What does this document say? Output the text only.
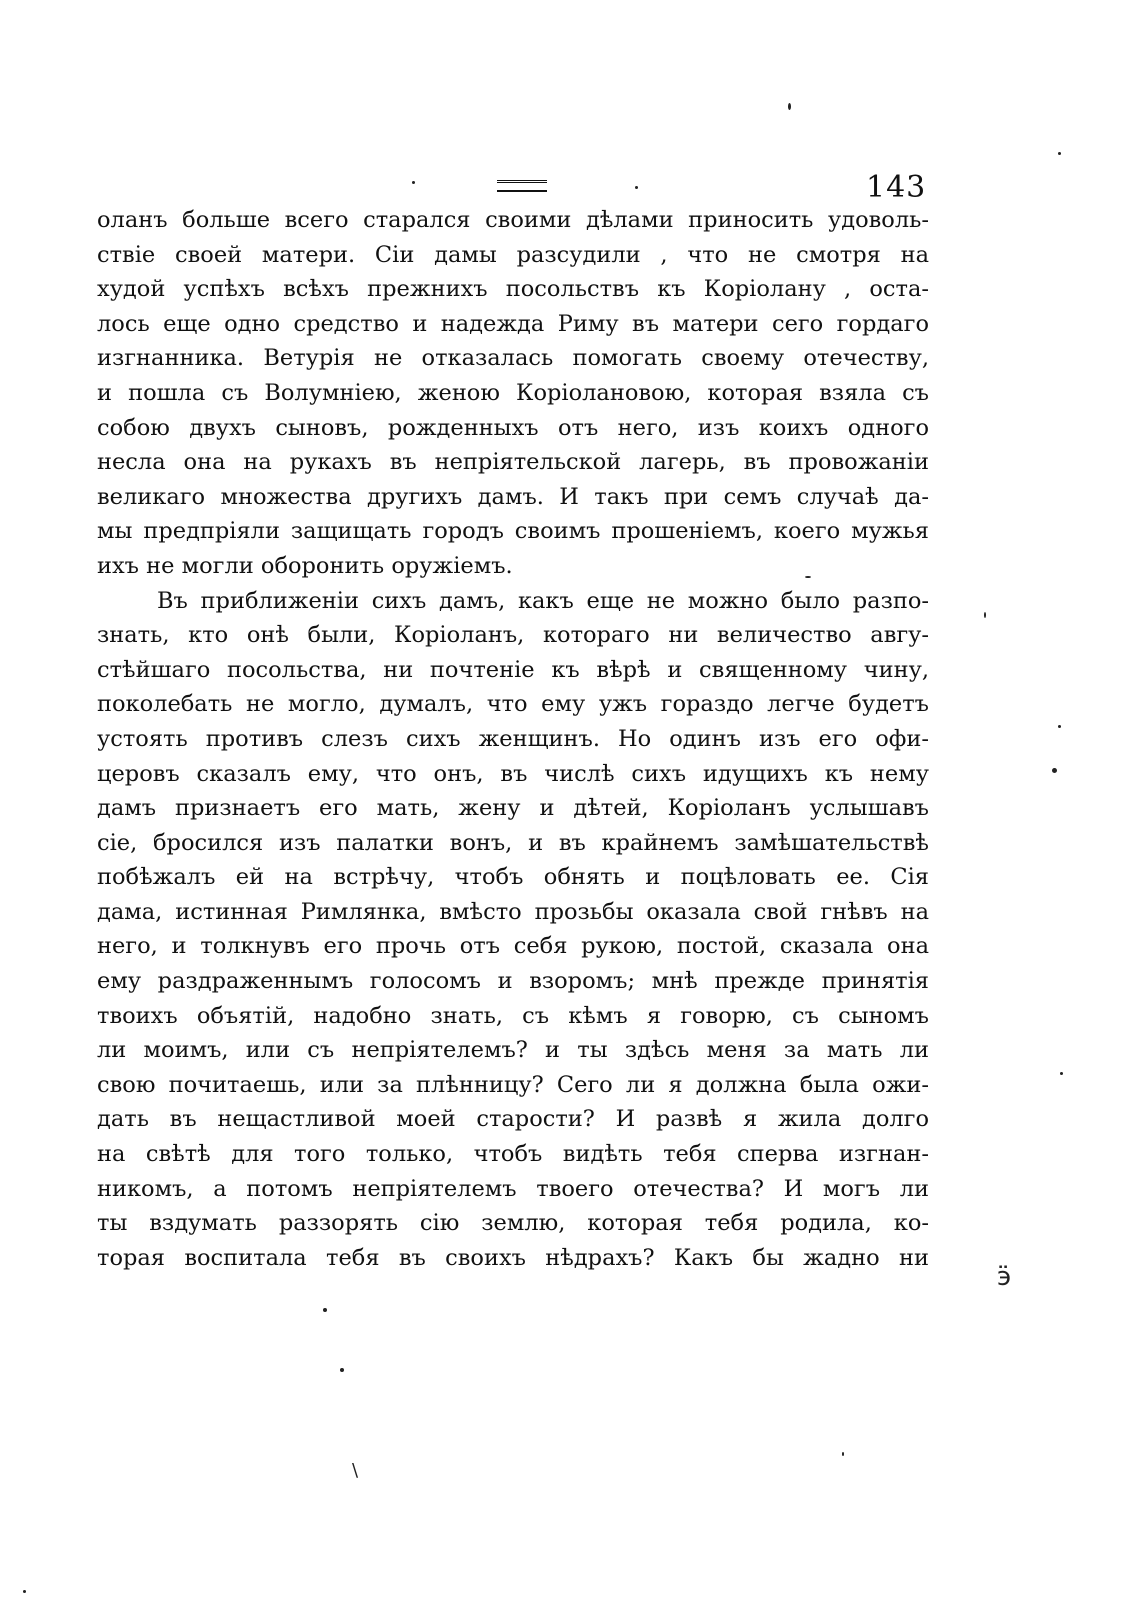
143
оланъ больше всего старался своими дѣлами приносить удоволь-
ствіе своей матери. Сіи дамы разсудили , что не смотря на
худой успѣхъ всѣхъ прежнихъ посольствъ къ Коріолану , оста-
лось еще одно средство и надежда Риму въ матери сего гордаго
изгнанника. Ветурія не отказалась помогать своему отечеству,
и пошла съ Волумніею, женою Коріолановою, которая взяла съ
собою двухъ сыновъ, рожденныхъ отъ него, изъ коихъ одного
несла она на рукахъ въ непріятельской лагерь, въ провожаніи
великаго множества другихъ дамъ. И такъ при семъ случаѣ да-
мы предпріяли защищать городъ своимъ прошеніемъ, коего мужья
ихъ не могли оборонить оружіемъ.
Въ приближеніи сихъ дамъ, какъ еще не можно было разпо-
знать, кто онѣ были, Коріоланъ, котораго ни величество авгу-
стѣйшаго посольства, ни почтеніе къ вѣрѣ и священному чину,
поколебать не могло, думалъ, что ему ужъ гораздо легче будетъ
устоять противъ слезъ сихъ женщинъ. Но одинъ изъ его офи-
церовъ сказалъ ему, что онъ, въ числѣ сихъ идущихъ къ нему
дамъ признаетъ его мать, жену и дѣтей, Коріоланъ услышавъ
сіе, бросился изъ палатки вонъ, и въ крайнемъ замѣшательствѣ
побѣжалъ ей на встрѣчу, чтобъ обнять и поцѣловать ее. Сія
дама, истинная Римлянка, вмѣсто прозьбы оказала свой гнѣвъ на
него, и толкнувъ его прочь отъ себя рукою, постой, сказала она
ему раздраженнымъ голосомъ и взоромъ; мнѣ прежде принятія
твоихъ объятій, надобно знать, съ кѣмъ я говорю, съ сыномъ
ли моимъ, или съ непріятелемъ? и ты здѣсь меня за мать ли
свою почитаешь, или за плѣнницу? Сего ли я должна была ожи-
дать въ нещастливой моей старости? И развѣ я жила долго
на свѣтѣ для того только, чтобъ видѣть тебя сперва изгнан-
никомъ, а потомъ непріятелемъ твоего отечества? И могъ ли
ты вздумать раззорять сію землю, которая тебя родила, ко-
торая воспитала тебя въ своихъ нѣдрахъ? Какъ бы жадно ни
ӭ
\
